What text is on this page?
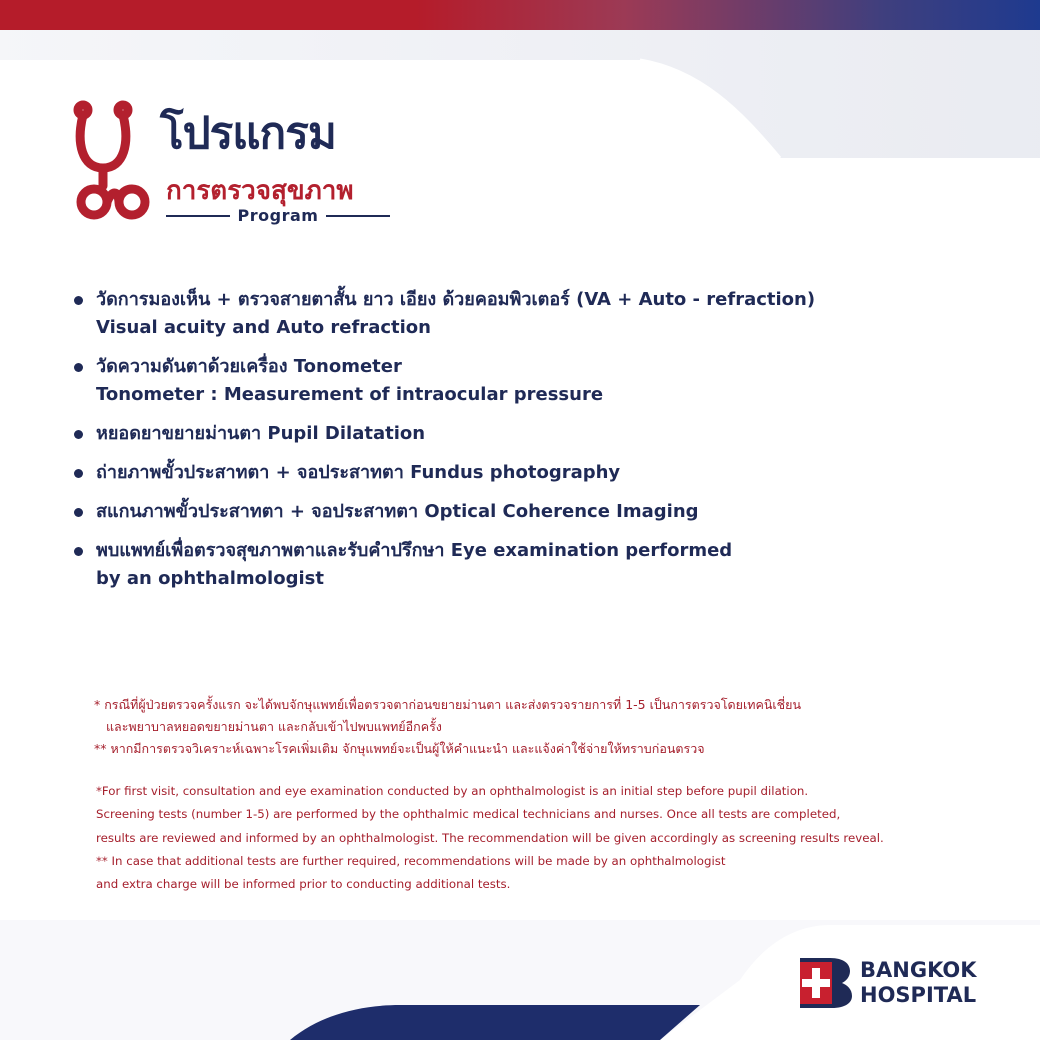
โปรแกรม
การตรวจสุขภาพ
Program
วัดการมองเห็น + ตรวจสายตาสั้น ยาว เอียง ด้วยคอมพิวเตอร์ (VA + Auto - refraction)
Visual acuity and Auto refraction
วัดความดันตาด้วยเครื่อง Tonometer
Tonometer : Measurement of intraocular pressure
หยอดยาขยายม่านตา Pupil Dilatation
ถ่ายภาพขั้วประสาทตา + จอประสาทตา Fundus photography
สแกนภาพขั้วประสาทตา + จอประสาทตา Optical Coherence Imaging
พบแพทย์เพื่อตรวจสุขภาพตาและรับคำปรึกษา Eye examination performed
by an ophthalmologist
* กรณีที่ผู้ป่วยตรวจครั้งแรก จะได้พบจักษุแพทย์เพื่อตรวจตาก่อนขยายม่านตา และส่งตรวจรายการที่ 1-5 เป็นการตรวจโดยเทคนิเชี่ยน
และพยาบาลหยอดขยายม่านตา และกลับเข้าไปพบแพทย์อีกครั้ง
** หากมีการตรวจวิเคราะห์เฉพาะโรคเพิ่มเติม จักษุแพทย์จะเป็นผู้ให้คำแนะนำ และแจ้งค่าใช้จ่ายให้ทราบก่อนตรวจ
*For first visit, consultation and eye examination conducted by an ophthalmologist is an initial step before pupil dilation.
Screening tests (number 1-5) are performed by the ophthalmic medical technicians and nurses. Once all tests are completed,
results are reviewed and informed by an ophthalmologist. The recommendation will be given accordingly as screening results reveal.
** In case that additional tests are further required, recommendations will be made by an ophthalmologist
and extra charge will be informed prior to conducting additional tests.
BANGKOK
HOSPITAL
